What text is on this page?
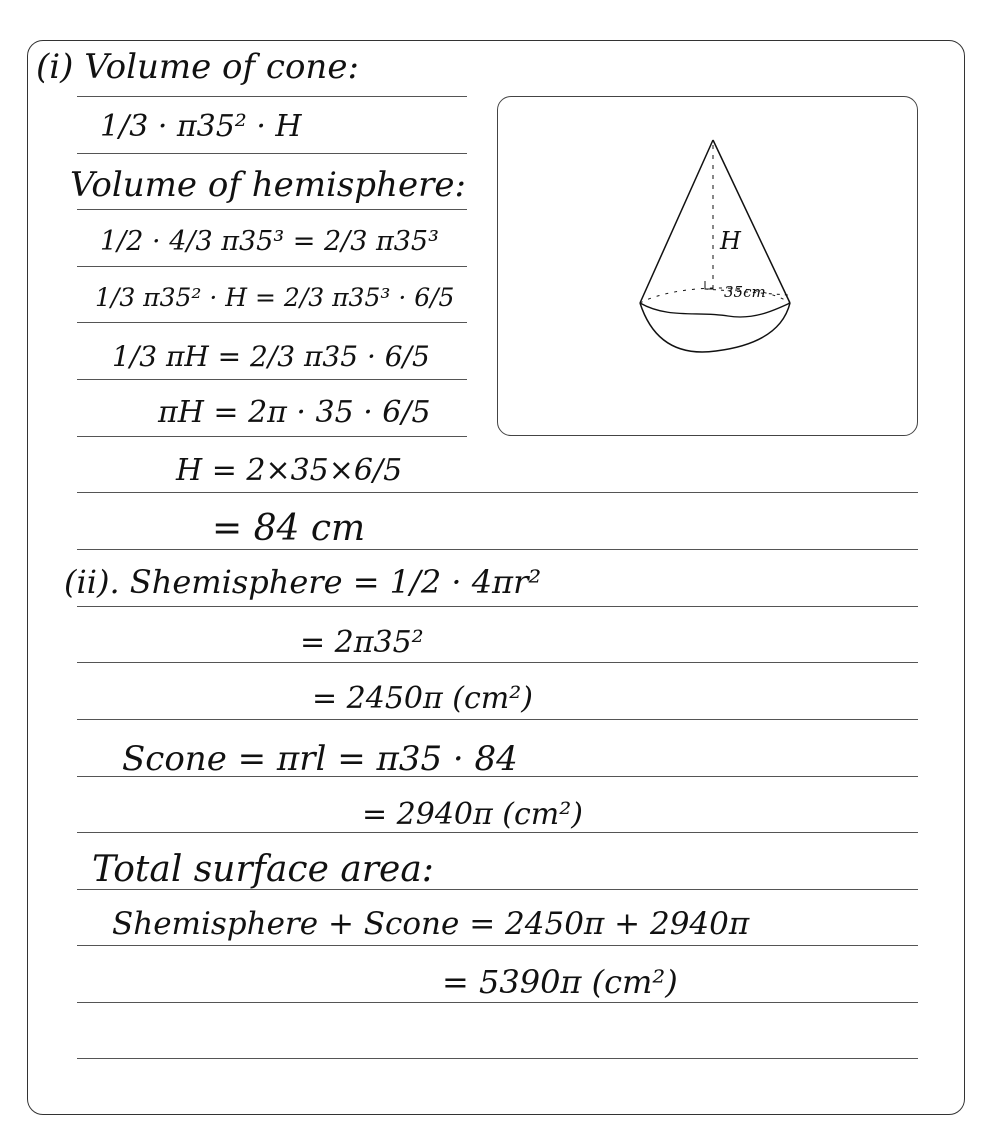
(i) Volume of cone:
1/3 · π35² · H
Volume of hemisphere:
1/2 · 4/3 π35³ = 2/3 π35³
1/3 π35² · H = 2/3 π35³ · 6/5
1/3 πH = 2/3 π35 · 6/5
πH = 2π · 35 · 6/5
H = 2×35×6/5
= 84 cm
(ii). Shemisphere = 1/2 · 4πr²
= 2π35²
= 2450π (cm²)
Scone = πrl = π35 · 84
= 2940π (cm²)
Total surface area:
Shemisphere + Scone = 2450π + 2940π
= 5390π (cm²)
H
35cm
